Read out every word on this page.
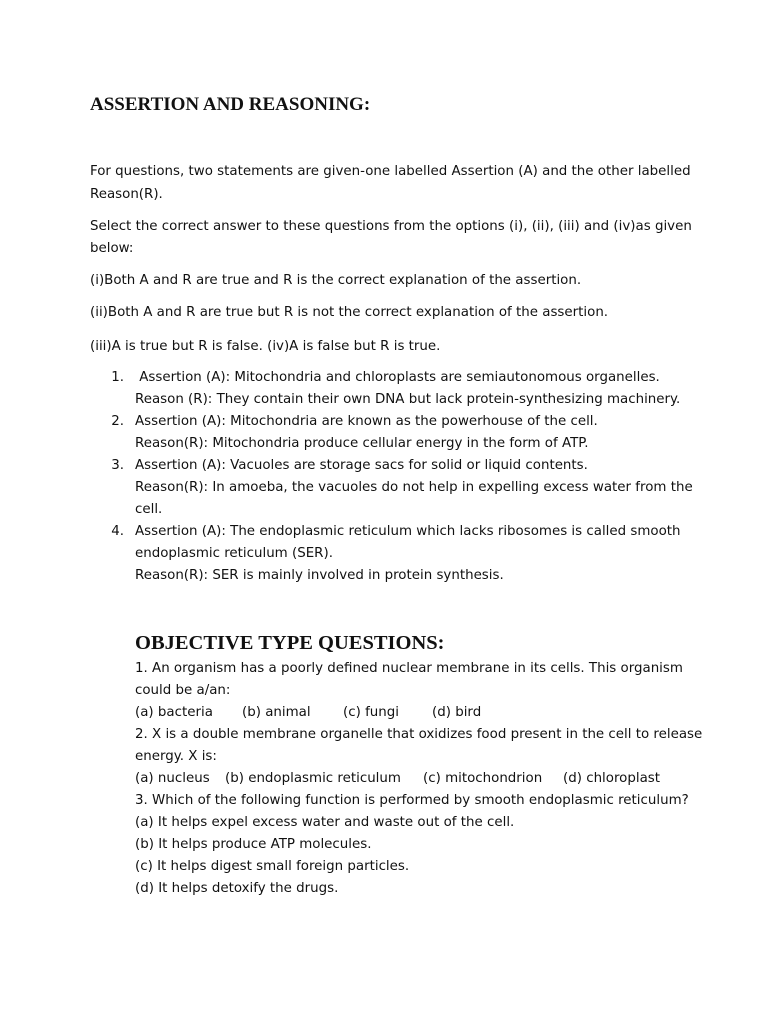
ASSERTION AND REASONING:

For questions, two statements are given-one labelled Assertion (A) and the other labelled

Reason(R).

Select the correct answer to these questions from the options (i), (ii), (iii) and (iv)as given

below:

(i)Both A and R are true and R is the correct explanation of the assertion.

(ii)Both A and R are true but R is not the correct explanation of the assertion.

(iii)A is true but R is false. (iv)A is false but R is true.

1. Assertion (A): Mitochondria and chloroplasts are semiautonomous organelles.

Reason (R): They contain their own DNA but lack protein-synthesizing machinery.

2. Assertion (A): Mitochondria are known as the powerhouse of the cell.

Reason(R): Mitochondria produce cellular energy in the form of ATP.

3. Assertion (A): Vacuoles are storage sacs for solid or liquid contents.

Reason(R): In amoeba, the vacuoles do not help in expelling excess water from the

cell.

4. Assertion (A): The endoplasmic reticulum which lacks ribosomes is called smooth

endoplasmic reticulum (SER).

Reason(R): SER is mainly involved in protein synthesis.

OBJECTIVE TYPE QUESTIONS:

1. An organism has a poorly defined nuclear membrane in its cells. This organism

could be a/an:

(a) bacteria (b) animal (c) fungi (d) bird

2. X is a double membrane organelle that oxidizes food present in the cell to release

energy. X is:

(a) nucleus (b) endoplasmic reticulum (c) mitochondrion (d) chloroplast

3. Which of the following function is performed by smooth endoplasmic reticulum?

(a) It helps expel excess water and waste out of the cell.

(b) It helps produce ATP molecules.

(c) It helps digest small foreign particles.

(d) It helps detoxify the drugs.
